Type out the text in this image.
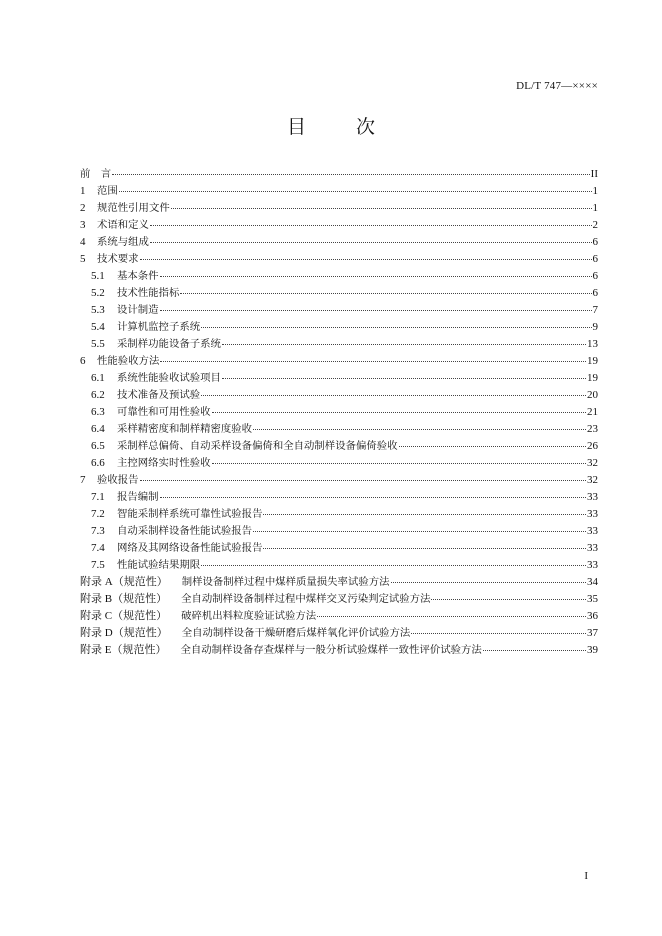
DL/T 747—××××
目 次
前　言	II
1	范围	1
2	规范性引用文件	1
3	术语和定义	2
4	系统与组成	6
5	技术要求	6
5.1	基本条件	6
5.2	技术性能指标	6
5.3	设计制造	7
5.4	计算机监控子系统	9
5.5	采制样功能设备子系统	13
6	性能验收方法	19
6.1	系统性能验收试验项目	19
6.2	技术准备及预试验	20
6.3	可靠性和可用性验收	21
6.4	采样精密度和制样精密度验收	23
6.5	采制样总偏倚、自动采样设备偏倚和全自动制样设备偏倚验收	26
6.6	主控网络实时性验收	32
7	验收报告	32
7.1	报告编制	33
7.2	智能采制样系统可靠性试验报告	33
7.3	自动采制样设备性能试验报告	33
7.4	网络及其网络设备性能试验报告	33
7.5	性能试验结果期限	33
附录 A（规范性） 制样设备制样过程中煤样质量损失率试验方法	34
附录 B（规范性） 全自动制样设备制样过程中煤样交叉污染判定试验方法	35
附录 C（规范性） 破碎机出料粒度验证试验方法	36
附录 D（规范性） 全自动制样设备干燥研磨后煤样氧化评价试验方法	37
附录 E（规范性） 全自动制样设备存查煤样与一般分析试验煤样一致性评价试验方法	39
I
